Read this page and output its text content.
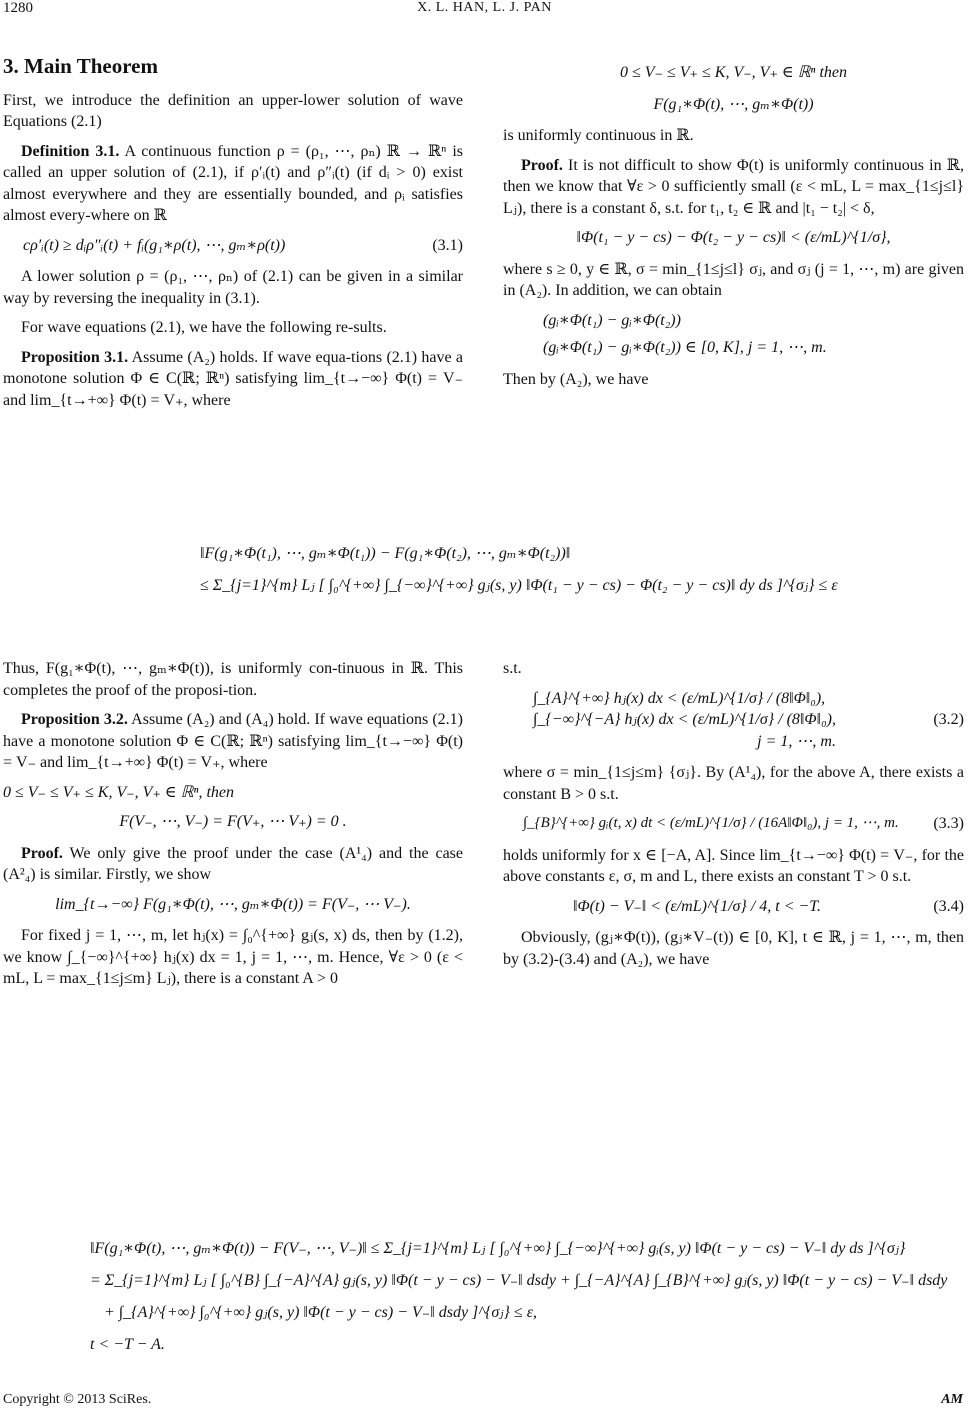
1280	X. L. HAN, L. J. PAN
3. Main Theorem

First, we introduce the definition an upper-lower solution of wave Equations (2.1)

Definition 3.1. A continuous function ρ = (ρ₁, ⋯, ρₙ) ℝ → ℝⁿ is called an upper solution of (2.1), if ρ′ᵢ(t) and ρ″ᵢ(t) (if dᵢ > 0) exist almost everywhere and they are essentially bounded, and ρᵢ satisfies almost every-where on ℝ

cρ′ᵢ(t) ≥ dᵢρ″ᵢ(t) + fᵢ(g₁∗ρ(t), ⋯, gₘ∗ρ(t))	(3.1)

A lower solution ρ = (ρ₁, ⋯, ρₙ) of (2.1) can be given in a similar way by reversing the inequality in (3.1).

For wave equations (2.1), we have the following re-sults.

Proposition 3.1. Assume (A₂) holds. If wave equa-tions (2.1) have a monotone solution Φ ∈ C(ℝ; ℝⁿ) satisfying lim_{t→−∞} Φ(t) = V₋ and lim_{t→+∞} Φ(t) = V₊, where

0 ≤ V₋ ≤ V₊ ≤ K, V₋, V₊ ∈ ℝⁿ then
F(g₁∗Φ(t), ⋯, gₘ∗Φ(t))

is uniformly continuous in ℝ.

Proof. It is not difficult to show Φ(t) is uniformly continuous in ℝ, then we know that ∀ε > 0 sufficiently small (ε < mL, L = max_{1≤j≤l} Lⱼ), there is a constant δ, s.t. for t₁, t₂ ∈ ℝ and |t₁ − t₂| < δ,

‖Φ(t₁ − y − cs) − Φ(t₂ − y − cs)‖ < (ε/mL)^{1/σ},

where s ≥ 0, y ∈ ℝ, σ = min_{1≤j≤l} σⱼ, and σⱼ (j = 1, ⋯, m) are given in (A₂). In addition, we can obtain

(gᵢ∗Φ(t₁) − gᵢ∗Φ(t₂))
(gᵢ∗Φ(t₁) − gᵢ∗Φ(t₂)) ∈ [0, K], j = 1, ⋯, m.

Then by (A₂), we have

‖F(g₁∗Φ(t₁), ⋯, gₘ∗Φ(t₁)) − F(g₁∗Φ(t₂), ⋯, gₘ∗Φ(t₂))‖
≤ Σ_{j=1}^{m} Lⱼ [ ∫₀^{+∞} ∫_{−∞}^{+∞} gⱼ(s, y) ‖Φ(t₁ − y − cs) − Φ(t₂ − y − cs)‖ dy ds ]^{σⱼ} ≤ ε

Thus, F(g₁∗Φ(t), ⋯, gₘ∗Φ(t)), is uniformly con-tinuous in ℝ. This completes the proof of the proposi-tion.

Proposition 3.2. Assume (A₂) and (A₄) hold. If wave equations (2.1) have a monotone solution Φ ∈ C(ℝ; ℝⁿ) satisfying lim_{t→−∞} Φ(t) = V₋ and lim_{t→+∞} Φ(t) = V₊, where

0 ≤ V₋ ≤ V₊ ≤ K, V₋, V₊ ∈ ℝⁿ, then

F(V₋, ⋯, V₋) = F(V₊, ⋯ V₊) = 0 .

Proof. We only give the proof under the case (A¹₄) and the case (A²₄) is similar. Firstly, we show

lim_{t→−∞} F(g₁∗Φ(t), ⋯, gₘ∗Φ(t)) = F(V₋, ⋯ V₋).

For fixed j = 1, ⋯, m, let hⱼ(x) = ∫₀^{+∞} gⱼ(s, x) ds, then by (1.2), we know ∫_{−∞}^{+∞} hⱼ(x) dx = 1, j = 1, ⋯, m. Hence, ∀ε > 0 (ε < mL, L = max_{1≤j≤m} Lⱼ), there is a constant A > 0

s.t.

∫_{A}^{+∞} hⱼ(x) dx < (ε/mL)^{1/σ} / (8‖Φ‖₀),
∫_{−∞}^{−A} hⱼ(x) dx < (ε/mL)^{1/σ} / (8‖Φ‖₀),
j = 1, ⋯, m.
(3.2)

where σ = min_{1≤j≤m} {σⱼ}. By (A¹₄), for the above A, there exists a constant B > 0 s.t.

∫_{B}^{+∞} gᵢ(t, x) dt < (ε/mL)^{1/σ} / (16A‖Φ‖₀), j = 1, ⋯, m. (3.3)

holds uniformly for x ∈ [−A, A]. Since lim_{t→−∞} Φ(t) = V₋, for the above constants ε, σ, m and L, there exists an constant T > 0 s.t.

‖Φ(t) − V₋‖ < (ε/mL)^{1/σ} / 4, t < −T.	(3.4)

Obviously, (gⱼ∗Φ(t)), (gⱼ∗V₋(t)) ∈ [0, K], t ∈ ℝ, j = 1, ⋯, m, then by (3.2)-(3.4) and (A₂), we have

‖F(g₁∗Φ(t), ⋯, gₘ∗Φ(t)) − F(V₋, ⋯, V₋)‖ ≤ Σ_{j=1}^{m} Lⱼ [ ∫₀^{+∞} ∫_{−∞}^{+∞} gᵢ(s, y) ‖Φ(t − y − cs) − V₋‖ dy ds ]^{σⱼ}
= Σ_{j=1}^{m} Lⱼ [ ∫₀^{B} ∫_{−A}^{A} gⱼ(s, y) ‖Φ(t − y − cs) − V₋‖ dsdy + ∫_{−A}^{A} ∫_{B}^{+∞} gⱼ(s, y) ‖Φ(t − y − cs) − V₋‖ dsdy
+ ∫_{A}^{+∞} ∫₀^{+∞} gⱼ(s, y) ‖Φ(t − y − cs) − V₋‖ dsdy ]^{σⱼ} ≤ ε,
t < −T − A.
Copyright © 2013 SciRes.	AM
